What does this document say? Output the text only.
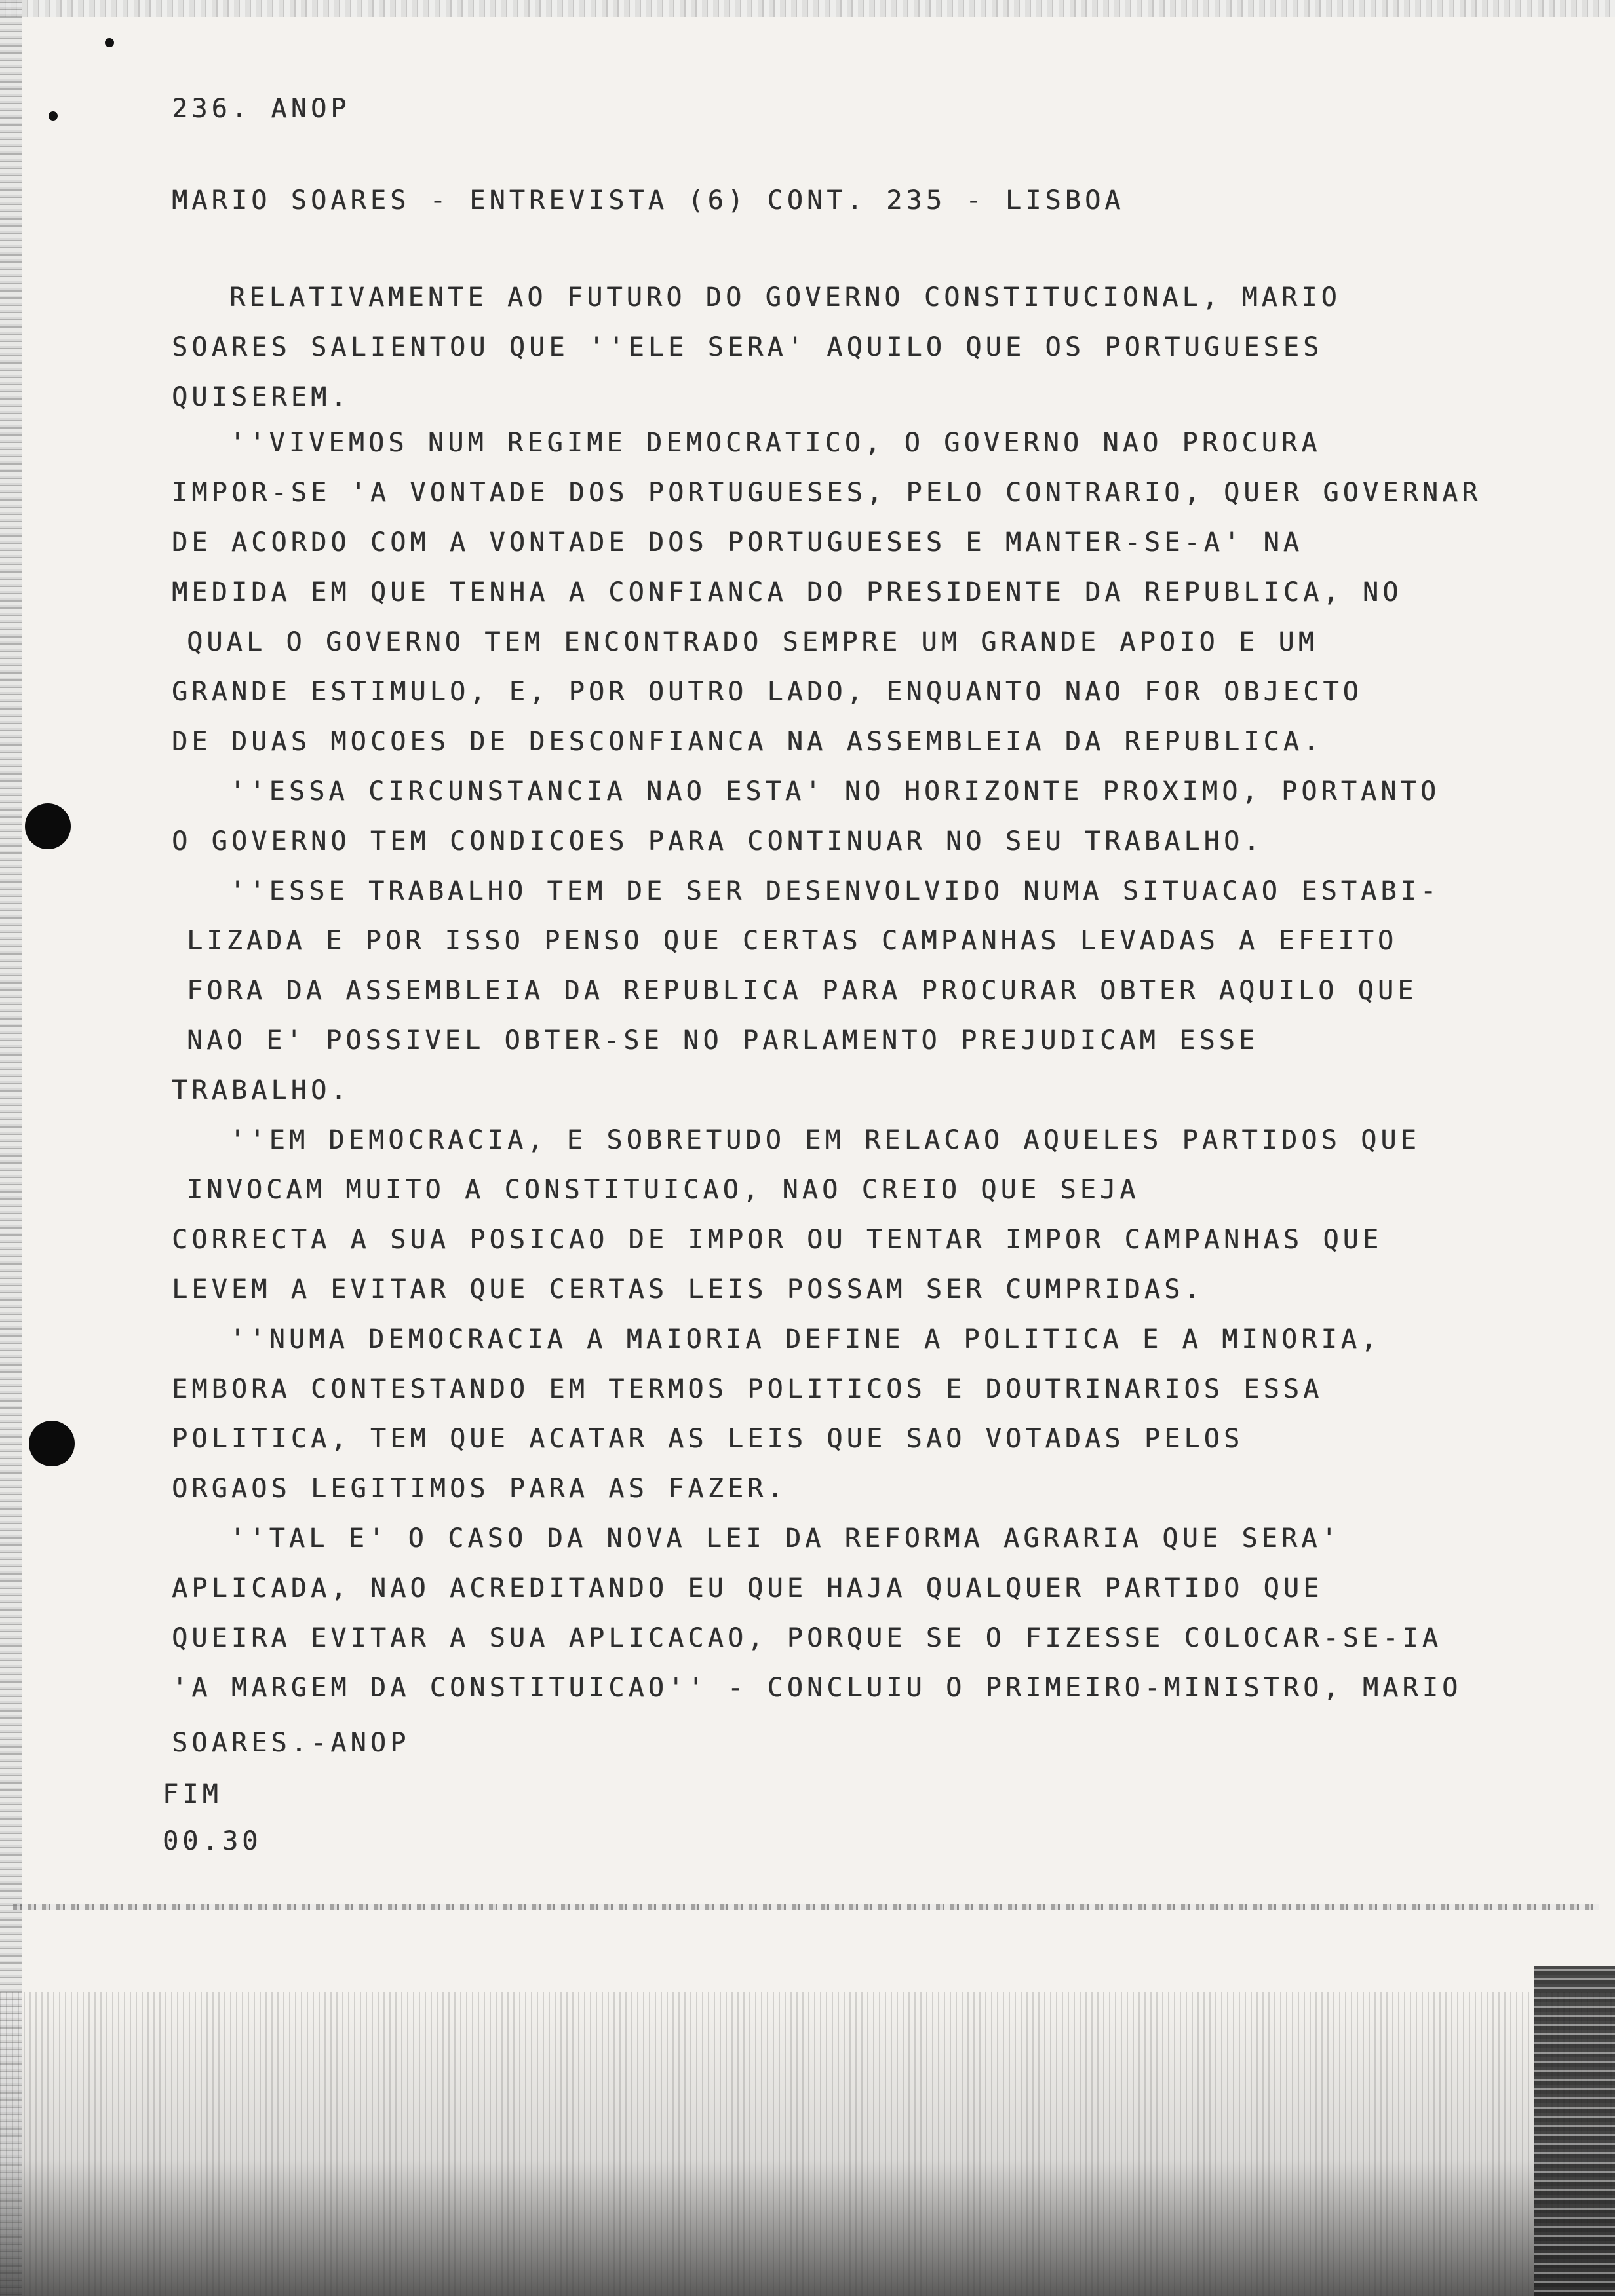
236. ANOP
MARIO SOARES - ENTREVISTA (6) CONT. 235 - LISBOA
RELATIVAMENTE AO FUTURO DO GOVERNO CONSTITUCIONAL, MARIO
SOARES SALIENTOU QUE ''ELE SERA' AQUILO QUE OS PORTUGUESES
QUISEREM.
''VIVEMOS NUM REGIME DEMOCRATICO, O GOVERNO NAO PROCURA
IMPOR-SE 'A VONTADE DOS PORTUGUESES, PELO CONTRARIO, QUER GOVERNAR
DE ACORDO COM A VONTADE DOS PORTUGUESES E MANTER-SE-A' NA
MEDIDA EM QUE TENHA A CONFIANCA DO PRESIDENTE DA REPUBLICA, NO
QUAL O GOVERNO TEM ENCONTRADO SEMPRE UM GRANDE APOIO E UM
GRANDE ESTIMULO, E, POR OUTRO LADO, ENQUANTO NAO FOR OBJECTO
DE DUAS MOCOES DE DESCONFIANCA NA ASSEMBLEIA DA REPUBLICA.
''ESSA CIRCUNSTANCIA NAO ESTA' NO HORIZONTE PROXIMO, PORTANTO
O GOVERNO TEM CONDICOES PARA CONTINUAR NO SEU TRABALHO.
''ESSE TRABALHO TEM DE SER DESENVOLVIDO NUMA SITUACAO ESTABI-
LIZADA E POR ISSO PENSO QUE CERTAS CAMPANHAS LEVADAS A EFEITO
FORA DA ASSEMBLEIA DA REPUBLICA PARA PROCURAR OBTER AQUILO QUE
NAO E' POSSIVEL OBTER-SE NO PARLAMENTO PREJUDICAM ESSE
TRABALHO.
''EM DEMOCRACIA, E SOBRETUDO EM RELACAO AQUELES PARTIDOS QUE
INVOCAM MUITO A CONSTITUICAO, NAO CREIO QUE SEJA
CORRECTA A SUA POSICAO DE IMPOR OU TENTAR IMPOR CAMPANHAS QUE
LEVEM A EVITAR QUE CERTAS LEIS POSSAM SER CUMPRIDAS.
''NUMA DEMOCRACIA A MAIORIA DEFINE A POLITICA E A MINORIA,
EMBORA CONTESTANDO EM TERMOS POLITICOS E DOUTRINARIOS ESSA
POLITICA, TEM QUE ACATAR AS LEIS QUE SAO VOTADAS PELOS
ORGAOS LEGITIMOS PARA AS FAZER.
''TAL E' O CASO DA NOVA LEI DA REFORMA AGRARIA QUE SERA'
APLICADA, NAO ACREDITANDO EU QUE HAJA QUALQUER PARTIDO QUE
QUEIRA EVITAR A SUA APLICACAO, PORQUE SE O FIZESSE COLOCAR-SE-IA
'A MARGEM DA CONSTITUICAO'' - CONCLUIU O PRIMEIRO-MINISTRO, MARIO
SOARES.-ANOP
FIM
00.30
